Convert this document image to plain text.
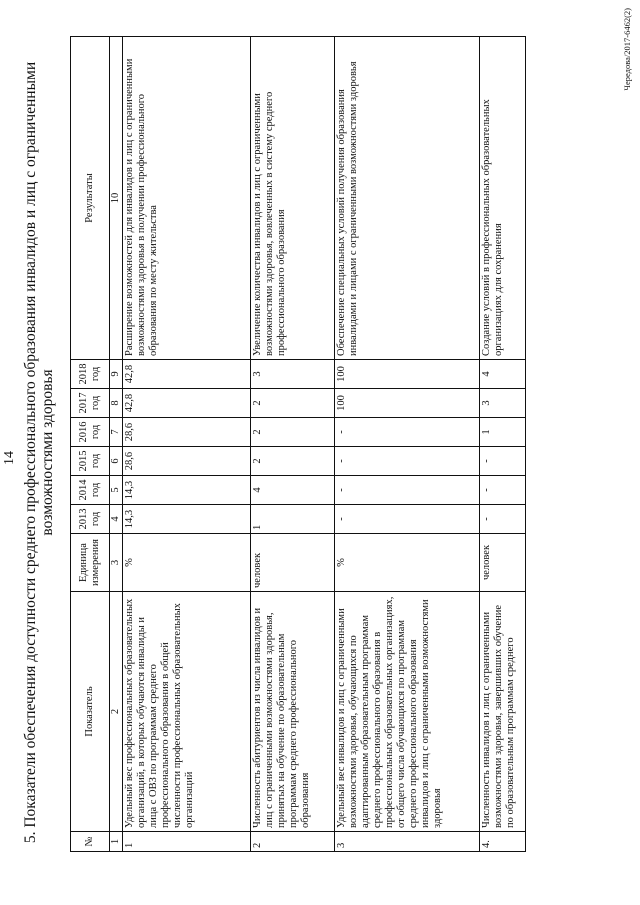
14 5. Показатели обеспечения доступности среднего профессионального образования инвалидов и лиц с ограниченными возможностями здоровья
№	Показатель	Единица измерения	2013 год	2014 год	2015 год	2016 год	2017 год	2018 год	Результаты
1	2	3	4	5	6	7	8	9	10
1	Удельный вес профессиональных образовательных организаций, в которых обучаются инвалиды и лица с ОВЗ по программам среднего профессионального образования в общей численности профессиональных образовательных организаций	%	14,3	14,3	28,6	28,6	42,8	42,8	Расширение возможностей для инвалидов и лиц с ограниченными возможностями здоровья в получении профессионального образования по месту жительства
2	Численность абитуриентов из числа инвалидов и лиц с ограниченными возможностями здоровья, принятых на обучение по образовательным программам среднего профессионального образования	человек	1	4	2	2	2	3	Увеличение количества инвалидов и лиц с ограниченными возможностями здоровья, вовлеченных в систему среднего профессионального образования
3	Удельный вес инвалидов и лиц с ограниченными возможностями здоровья, обучающихся по адаптированным образовательным программам среднего профессионального образования в профессиональных образовательных организациях, от общего числа обучающихся по программам среднего профессионального образования инвалидов и лиц с ограниченными возможностями здоровья	%	-	-	-	-	100	100	Обеспечение специальных условий получения образования инвалидами и лицами с ограниченными возможностями здоровья
4.	Численность инвалидов и лиц с ограниченными возможностями здоровья, завершивших обучение по образовательным программам среднего	человек	-	-	-	1	3	4	Создание условий в профессиональных образовательных организациях для сохранения
Чередова/2017-6462(2)
